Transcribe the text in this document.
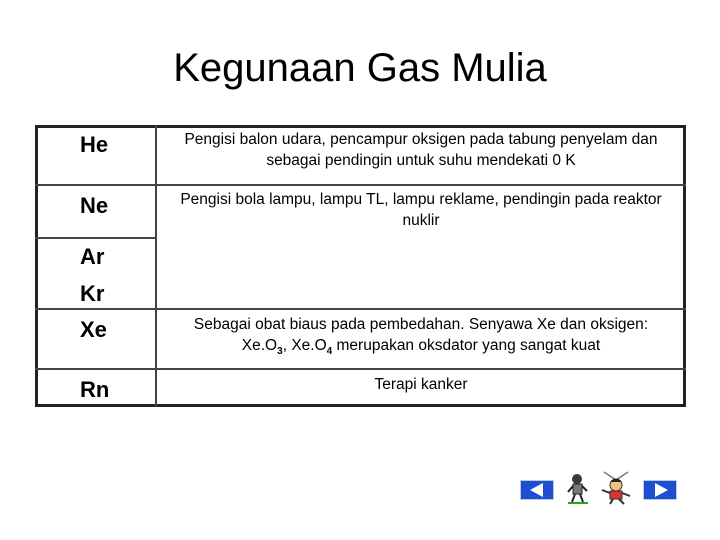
Kegunaan Gas Mulia
He	Pengisi balon udara, pencampur oksigen pada tabung penyelam dan sebagai pendingin untuk suhu mendekati 0 K
Ne	Pengisi bola lampu, lampu TL, lampu reklame, pendingin pada reaktor nuklir
Ar
Kr
Xe	Sebagai obat biaus pada pembedahan. Senyawa Xe dan oksigen:
$Xe.O_3$, $Xe.O_4$ merupakan oksdator yang sangat kuat
Rn	Terapi kanker
